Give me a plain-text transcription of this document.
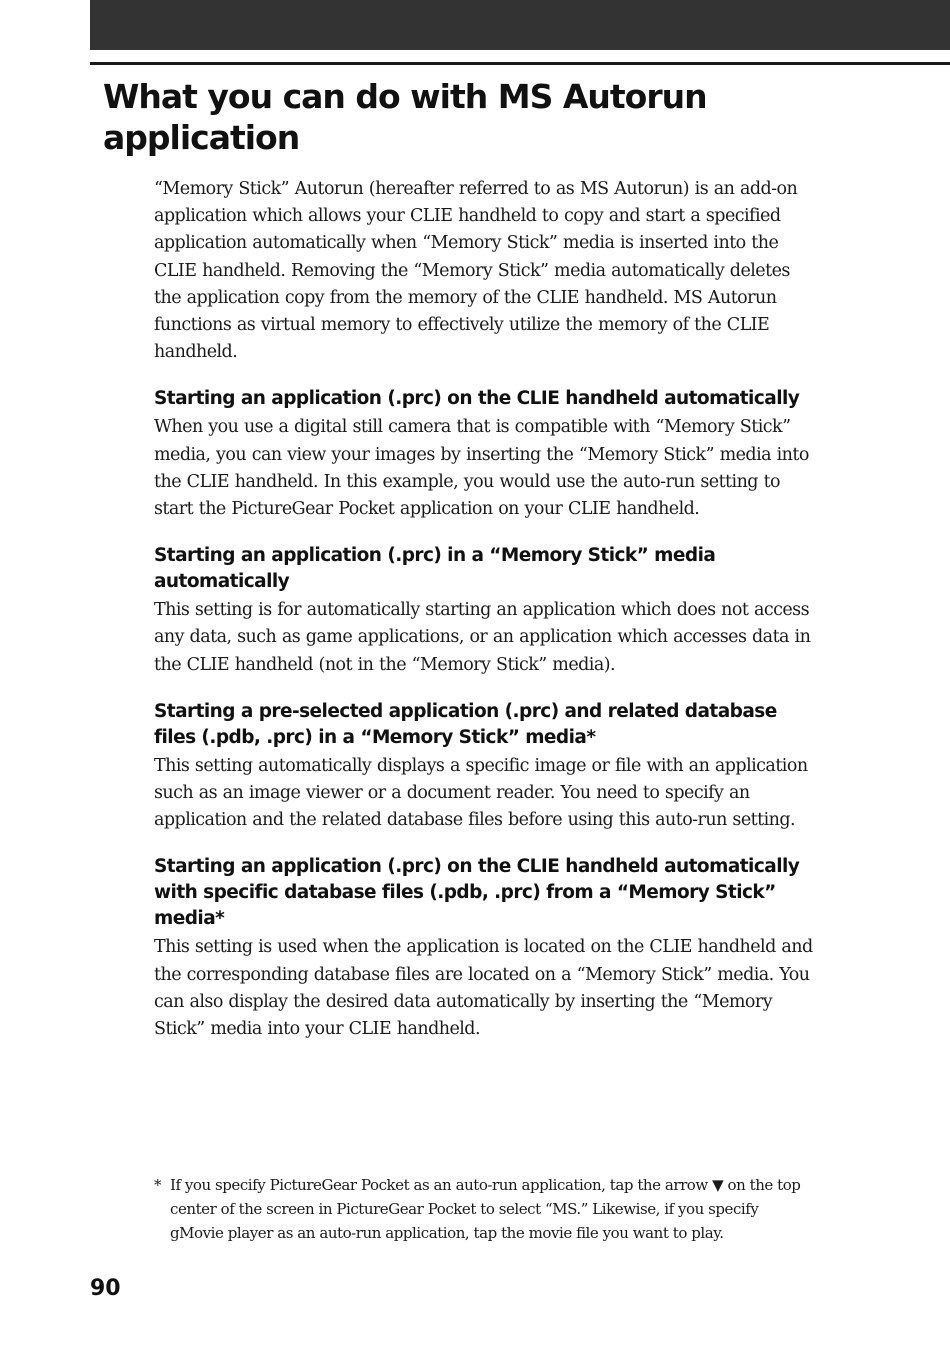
What you can do with MS Autorun application

“Memory Stick” Autorun (hereafter referred to as MS Autorun) is an add-on application which allows your CLIE handheld to copy and start a specified application automatically when “Memory Stick” media is inserted into the CLIE handheld. Removing the “Memory Stick” media automatically deletes the application copy from the memory of the CLIE handheld. MS Autorun functions as virtual memory to effectively utilize the memory of the CLIE handheld.

Starting an application (.prc) on the CLIE handheld automatically

When you use a digital still camera that is compatible with “Memory Stick” media, you can view your images by inserting the “Memory Stick” media into the CLIE handheld. In this example, you would use the auto-run setting to start the PictureGear Pocket application on your CLIE handheld.

Starting an application (.prc) in a “Memory Stick” media automatically

This setting is for automatically starting an application which does not access any data, such as game applications, or an application which accesses data in the CLIE handheld (not in the “Memory Stick” media).

Starting a pre-selected application (.prc) and related database files (.pdb, .prc) in a “Memory Stick” media*

This setting automatically displays a specific image or file with an application such as an image viewer or a document reader. You need to specify an application and the related database files before using this auto-run setting.

Starting an application (.prc) on the CLIE handheld automatically with specific database files (.pdb, .prc) from a “Memory Stick” media*

This setting is used when the application is located on the CLIE handheld and the corresponding database files are located on a “Memory Stick” media. You can also display the desired data automatically by inserting the “Memory Stick” media into your CLIE handheld.

* If you specify PictureGear Pocket as an auto-run application, tap the arrow ▼ on the top center of the screen in PictureGear Pocket to select “MS.” Likewise, if you specify gMovie player as an auto-run application, tap the movie file you want to play.
90
